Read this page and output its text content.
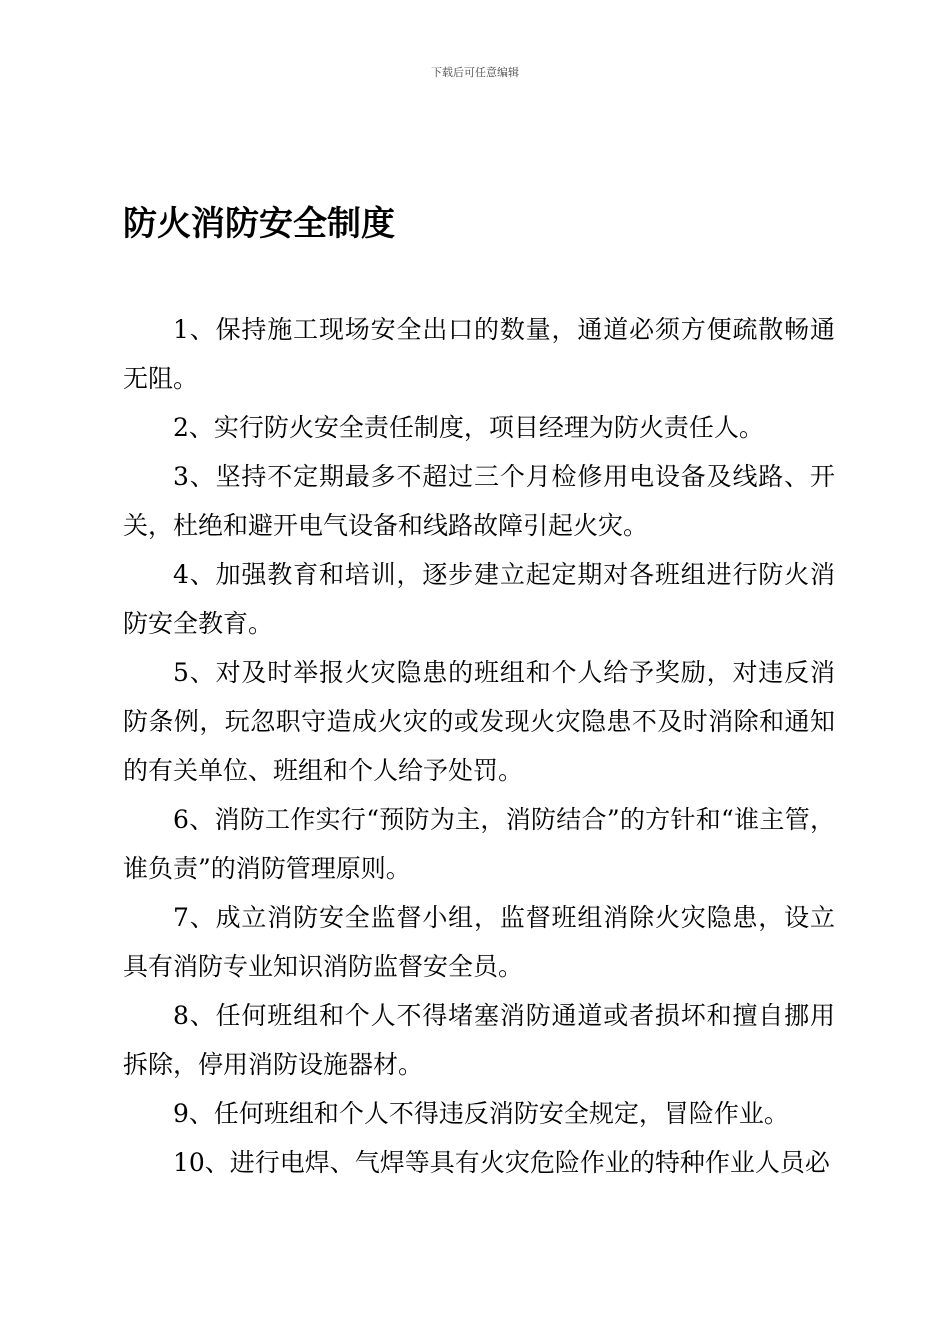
下载后可任意编辑
防火消防安全制度

1、保持施工现场安全出口的数量，通道必须方便疏散畅通无阻。

2、实行防火安全责任制度，项目经理为防火责任人。

3、坚持不定期最多不超过三个月检修用电设备及线路、开关，杜绝和避开电气设备和线路故障引起火灾。

4、加强教育和培训，逐步建立起定期对各班组进行防火消防安全教育。

5、对及时举报火灾隐患的班组和个人给予奖励，对违反消防条例，玩忽职守造成火灾的或发现火灾隐患不及时消除和通知的有关单位、班组和个人给予处罚。

6、消防工作实行“预防为主，消防结合”的方针和“谁主管，谁负责”的消防管理原则。

7、成立消防安全监督小组，监督班组消除火灾隐患，设立具有消防专业知识消防监督安全员。

8、任何班组和个人不得堵塞消防通道或者损坏和擅自挪用拆除，停用消防设施器材。

9、任何班组和个人不得违反消防安全规定，冒险作业。

10、进行电焊、气焊等具有火灾危险作业的特种作业人员必
